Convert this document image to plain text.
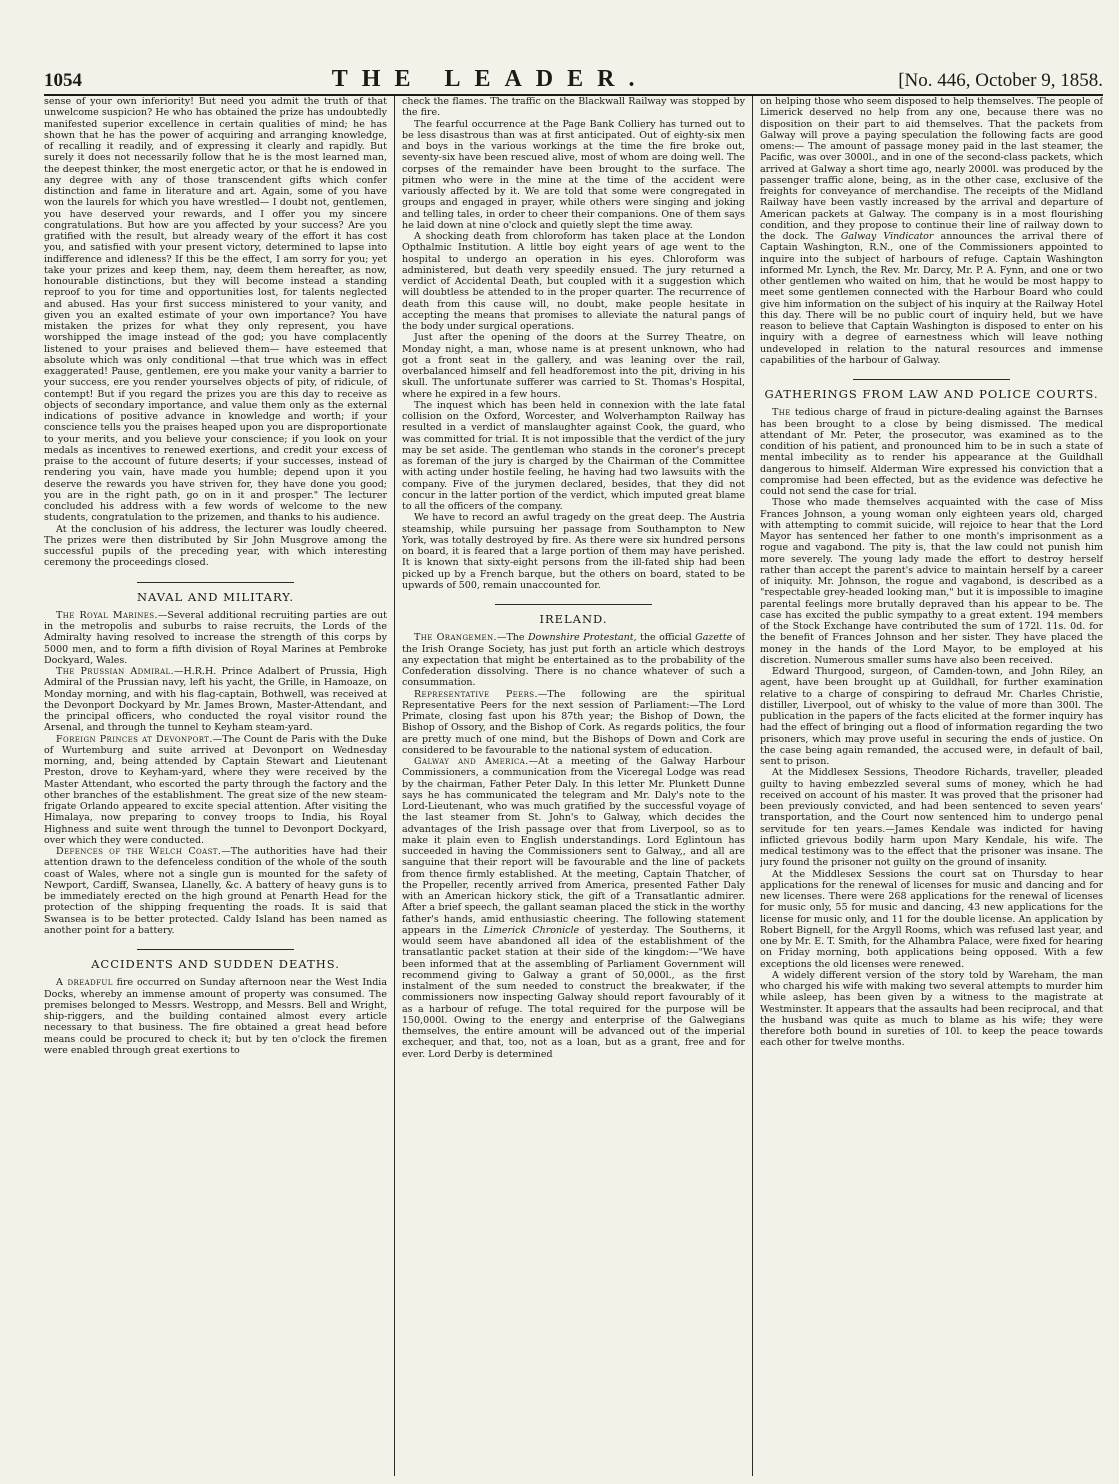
1054	THE LEADER.	[No. 446, October 9, 1858.

sense of your own inferiority! But need you admit the truth of that unwelcome suspicion? He who has obtained the prize has undoubtedly manifested superior excellence in certain qualities of mind; he has shown that he has the power of acquiring and arranging knowledge, of recalling it readily, and of expressing it clearly and rapidly. But surely it does not necessarily follow that he is the most learned man, the deepest thinker, the most energetic actor, or that he is endowed in any degree with any of those transcendent gifts which confer distinction and fame in literature and art. Again, some of you have won the laurels for which you have wrestled— I doubt not, gentlemen, you have deserved your rewards, and I offer you my sincere congratulations. But how are you affected by your success? Are you gratified with the result, but already weary of the effort it has cost you, and satisfied with your present victory, determined to lapse into indifference and idleness? If this be the effect, I am sorry for you; yet take your prizes and keep them, nay, deem them hereafter, as now, honourable distinctions, but they will become instead a standing reproof to you for time and opportunities lost, for talents neglected and abused. Has your first success ministered to your vanity, and given you an exalted estimate of your own importance? You have mistaken the prizes for what they only represent, you have worshipped the image instead of the god; you have complacently listened to your praises and believed them— have esteemed that absolute which was only conditional —that true which was in effect exaggerated! Pause, gentlemen, ere you make your vanity a barrier to your success, ere you render yourselves objects of pity, of ridicule, of contempt! But if you regard the prizes you are this day to receive as objects of secondary importance, and value them only as the external indications of positive advance in knowledge and worth; if your conscience tells you the praises heaped upon you are disproportionate to your merits, and you believe your conscience; if you look on your medals as incentives to renewed exertions, and credit your excess of praise to the account of future deserts; if your successes, instead of rendering you vain, have made you humble; depend upon it you deserve the rewards you have striven for, they have done you good; you are in the right path, go on in it and prosper." The lecturer concluded his address with a few words of welcome to the new students, congratulation to the prizemen, and thanks to his audience.

At the conclusion of his address, the lecturer was loudly cheered. The prizes were then distributed by Sir John Musgrove among the successful pupils of the preceding year, with which interesting ceremony the proceedings closed.

NAVAL AND MILITARY.

The Royal Marines.—Several additional recruiting parties are out in the metropolis and suburbs to raise recruits, the Lords of the Admiralty having resolved to increase the strength of this corps by 5000 men, and to form a fifth division of Royal Marines at Pembroke Dockyard, Wales.

The Prussian Admiral.—H.R.H. Prince Adalbert of Prussia, High Admiral of the Prussian navy, left his yacht, the Grille, in Hamoaze, on Monday morning, and with his flag-captain, Bothwell, was received at the Devonport Dockyard by Mr. James Brown, Master-Attendant, and the principal officers, who conducted the royal visitor round the Arsenal, and through the tunnel to Keyham steam-yard.

Foreign Princes at Devonport.—The Count de Paris with the Duke of Wurtemburg and suite arrived at Devonport on Wednesday morning, and, being attended by Captain Stewart and Lieutenant Preston, drove to Keyham-yard, where they were received by the Master Attendant, who escorted the party through the factory and the other branches of the establishment. The great size of the new steam-frigate Orlando appeared to excite special attention. After visiting the Himalaya, now preparing to convey troops to India, his Royal Highness and suite went through the tunnel to Devonport Dockyard, over which they were conducted.

Defences of the Welch Coast.—The authorities have had their attention drawn to the defenceless condition of the whole of the south coast of Wales, where not a single gun is mounted for the safety of Newport, Cardiff, Swansea, Llanelly, &c. A battery of heavy guns is to be immediately erected on the high ground at Penarth Head for the protection of the shipping frequenting the roads. It is said that Swansea is to be better protected. Caldy Island has been named as another point for a battery.

ACCIDENTS AND SUDDEN DEATHS.

A dreadful fire occurred on Sunday afternoon near the West India Docks, whereby an immense amount of property was consumed. The premises belonged to Messrs. Westropp, and Messrs. Bell and Wright, ship-riggers, and the building contained almost every article necessary to that business. The fire obtained a great head before means could be procured to check it; but by ten o'clock the firemen were enabled through great exertions to

check the flames. The traffic on the Blackwall Railway was stopped by the fire.

The fearful occurrence at the Page Bank Colliery has turned out to be less disastrous than was at first anticipated. Out of eighty-six men and boys in the various workings at the time the fire broke out, seventy-six have been rescued alive, most of whom are doing well. The corpses of the remainder have been brought to the surface. The pitmen who were in the mine at the time of the accident were variously affected by it. We are told that some were congregated in groups and engaged in prayer, while others were singing and joking and telling tales, in order to cheer their companions. One of them says he laid down at nine o'clock and quietly slept the time away.

A shocking death from chloroform has taken place at the London Opthalmic Institution. A little boy eight years of age went to the hospital to undergo an operation in his eyes. Chloroform was administered, but death very speedily ensued. The jury returned a verdict of Accidental Death, but coupled with it a suggestion which will doubtless be attended to in the proper quarter. The recurrence of death from this cause will, no doubt, make people hesitate in accepting the means that promises to alleviate the natural pangs of the body under surgical operations.

Just after the opening of the doors at the Surrey Theatre, on Monday night, a man, whose name is at present unknown, who had got a front seat in the gallery, and was leaning over the rail, overbalanced himself and fell headforemost into the pit, driving in his skull. The unfortunate sufferer was carried to St. Thomas's Hospital, where he expired in a few hours.

The inquest which has been held in connexion with the late fatal collision on the Oxford, Worcester, and Wolverhampton Railway has resulted in a verdict of manslaughter against Cook, the guard, who was committed for trial. It is not impossible that the verdict of the jury may be set aside. The gentleman who stands in the coroner's precept as foreman of the jury is charged by the Chairman of the Committee with acting under hostile feeling, he having had two lawsuits with the company. Five of the jurymen declared, besides, that they did not concur in the latter portion of the verdict, which imputed great blame to all the officers of the company.

We have to record an awful tragedy on the great deep. The Austria steamship, while pursuing her passage from Southampton to New York, was totally destroyed by fire. As there were six hundred persons on board, it is feared that a large portion of them may have perished. It is known that sixty-eight persons from the ill-fated ship had been picked up by a French barque, but the others on board, stated to be upwards of 500, remain unaccounted for.

IRELAND.

The Orangemen.—The Downshire Protestant, the official Gazette of the Irish Orange Society, has just put forth an article which destroys any expectation that might be entertained as to the probability of the Confederation dissolving. There is no chance whatever of such a consummation.

Representative Peers.—The following are the spiritual Representative Peers for the next session of Parliament:—The Lord Primate, closing fast upon his 87th year; the Bishop of Down, the Bishop of Ossory, and the Bishop of Cork. As regards politics, the four are pretty much of one mind, but the Bishops of Down and Cork are considered to be favourable to the national system of education.

Galway and America.—At a meeting of the Galway Harbour Commissioners, a communication from the Viceregal Lodge was read by the chairman, Father Peter Daly. In this letter Mr. Plunkett Dunne says he has communicated the telegram and Mr. Daly's note to the Lord-Lieutenant, who was much gratified by the successful voyage of the last steamer from St. John's to Galway, which decides the advantages of the Irish passage over that from Liverpool, so as to make it plain even to English understandings. Lord Eglintoun has succeeded in having the Commissioners sent to Galway,, and all are sanguine that their report will be favourable and the line of packets from thence firmly established. At the meeting, Captain Thatcher, of the Propeller, recently arrived from America, presented Father Daly with an American hickory stick, the gift of a Transatlantic admirer. After a brief speech, the gallant seaman placed the stick in the worthy father's hands, amid enthusiastic cheering. The following statement appears in the Limerick Chronicle of yesterday. The Southerns, it would seem have abandoned all idea of the establishment of the transatlantic packet station at their side of the kingdom:—"We have been informed that at the assembling of Parliament Government will recommend giving to Galway a grant of 50,000l., as the first instalment of the sum needed to construct the breakwater, if the commissioners now inspecting Galway should report favourably of it as a harbour of refuge. The total required for the purpose will be 150,000l. Owing to the energy and enterprise of the Galwegians themselves, the entire amount will be advanced out of the imperial exchequer, and that, too, not as a loan, but as a grant, free and for ever. Lord Derby is determined

on helping those who seem disposed to help themselves. The people of Limerick deserved no help from any one, because there was no disposition on their part to aid themselves. That the packets from Galway will prove a paying speculation the following facts are good omens:— The amount of passage money paid in the last steamer, the Pacific, was over 3000l., and in one of the second-class packets, which arrived at Galway a short time ago, nearly 2000l. was produced by the passenger traffic alone, being, as in the other case, exclusive of the freights for conveyance of merchandise. The receipts of the Midland Railway have been vastly increased by the arrival and departure of American packets at Galway. The company is in a most flourishing condition, and they propose to continue their line of railway down to the dock. The Galway Vindicator announces the arrival there of Captain Washington, R.N., one of the Commissioners appointed to inquire into the subject of harbours of refuge. Captain Washington informed Mr. Lynch, the Rev. Mr. Darcy, Mr. P. A. Fynn, and one or two other gentlemen who waited on him, that he would be most happy to meet some gentlemen connected with the Harbour Board who could give him information on the subject of his inquiry at the Railway Hotel this day. There will be no public court of inquiry held, but we have reason to believe that Captain Washington is disposed to enter on his inquiry with a degree of earnestness which will leave nothing undeveloped in relation to the natural resources and immense capabilities of the harbour of Galway.

GATHERINGS FROM LAW AND POLICE COURTS.

The tedious charge of fraud in picture-dealing against the Barnses has been brought to a close by being dismissed. The medical attendant of Mr. Peter, the prosecutor, was examined as to the condition of his patient, and pronounced him to be in such a state of mental imbecility as to render his appearance at the Guildhall dangerous to himself. Alderman Wire expressed his conviction that a compromise had been effected, but as the evidence was defective he could not send the case for trial.

Those who made themselves acquainted with the case of Miss Frances Johnson, a young woman only eighteen years old, charged with attempting to commit suicide, will rejoice to hear that the Lord Mayor has sentenced her father to one month's imprisonment as a rogue and vagabond. The pity is, that the law could not punish him more severely. The young lady made the effort to destroy herself rather than accept the parent's advice to maintain herself by a career of iniquity. Mr. Johnson, the rogue and vagabond, is described as a "respectable grey-headed looking man," but it is impossible to imagine parental feelings more brutally depraved than his appear to be. The case has excited the public sympathy to a great extent. 194 members of the Stock Exchange have contributed the sum of 172l. 11s. 0d. for the benefit of Frances Johnson and her sister. They have placed the money in the hands of the Lord Mayor, to be employed at his discretion. Numerous smaller sums have also been received.

Edward Thurgood, surgeon, of Camden-town, and John Riley, an agent, have been brought up at Guildhall, for further examination relative to a charge of conspiring to defraud Mr. Charles Christie, distiller, Liverpool, out of whisky to the value of more than 300l. The publication in the papers of the facts elicited at the former inquiry has had the effect of bringing out a flood of information regarding the two prisoners, which may prove useful in securing the ends of justice. On the case being again remanded, the accused were, in default of bail, sent to prison.

At the Middlesex Sessions, Theodore Richards, traveller, pleaded guilty to having embezzled several sums of money, which he had received on account of his master. It was proved that the prisoner had been previously convicted, and had been sentenced to seven years' transportation, and the Court now sentenced him to undergo penal servitude for ten years.—James Kendale was indicted for having inflicted grievous bodily harm upon Mary Kendale, his wife. The medical testimony was to the effect that the prisoner was insane. The jury found the prisoner not guilty on the ground of insanity.

At the Middlesex Sessions the court sat on Thursday to hear applications for the renewal of licenses for music and dancing and for new licenses. There were 268 applications for the renewal of licenses for music only, 55 for music and dancing, 43 new applications for the license for music only, and 11 for the double license. An application by Robert Bignell, for the Argyll Rooms, which was refused last year, and one by Mr. E. T. Smith, for the Alhambra Palace, were fixed for hearing on Friday morning, both applications being opposed. With a few exceptions the old licenses were renewed.

A widely different version of the story told by Wareham, the man who charged his wife with making two several attempts to murder him while asleep, has been given by a witness to the magistrate at Westminster. It appears that the assaults had been reciprocal, and that the husband was quite as much to blame as his wife; they were therefore both bound in sureties of 10l. to keep the peace towards each other for twelve months.
